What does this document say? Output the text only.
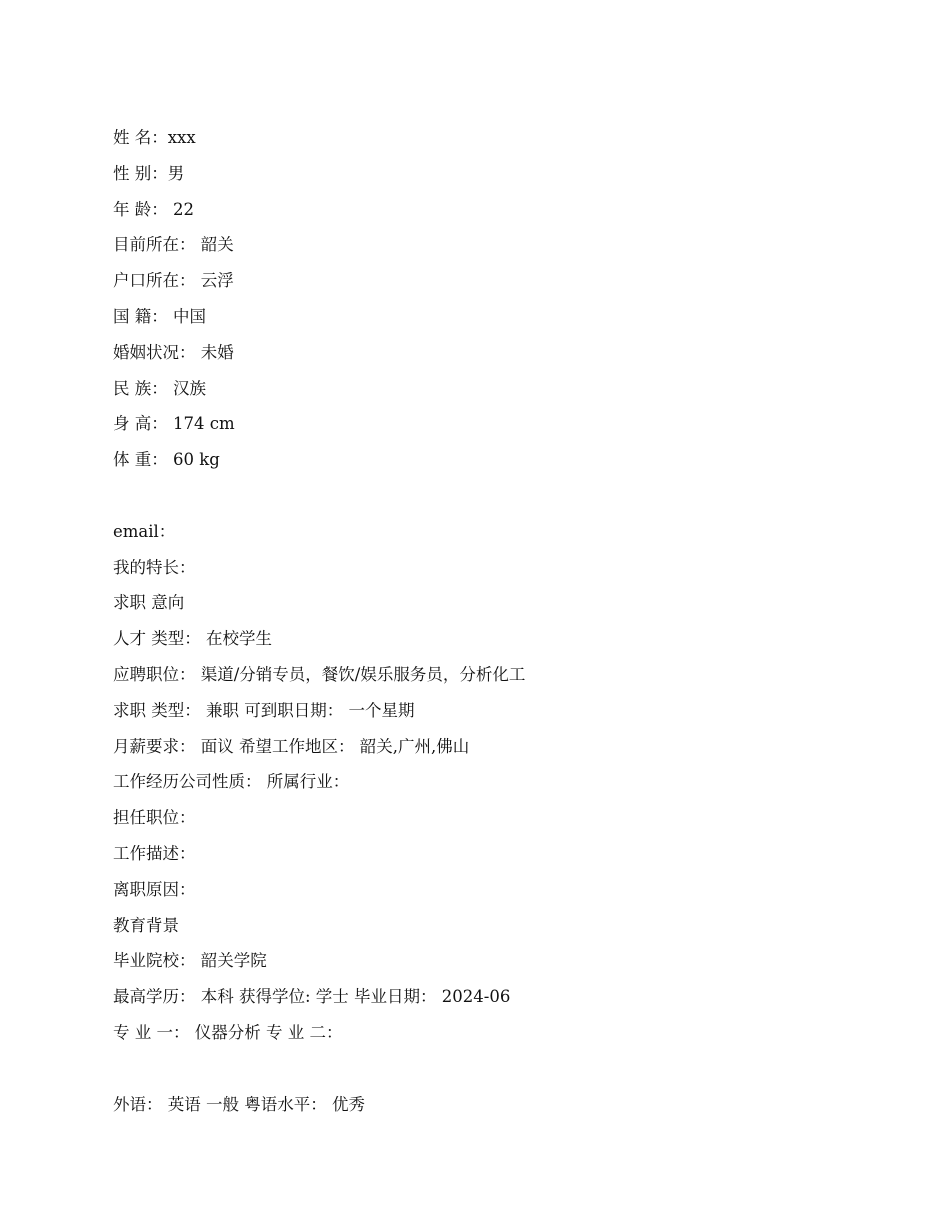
姓 名：xxx
性 别：男
年 龄： 22
目前所在： 韶关
户口所在： 云浮
国 籍： 中国
婚姻状况： 未婚
民 族： 汉族
身 高： 174 cm
体 重： 60 kg
email：
我的特长：
求职 意向
人才 类型： 在校学生
应聘职位： 渠道/分销专员，餐饮/娱乐服务员，分析化工
求职 类型： 兼职 可到职日期： 一个星期
月薪要求： 面议 希望工作地区： 韶关,广州,佛山
工作经历公司性质： 所属行业：
担任职位：
工作描述：
离职原因：
教育背景
毕业院校： 韶关学院
最高学历： 本科 获得学位: 学士 毕业日期： 2024-06
专 业 一： 仪器分析 专 业 二：
外语： 英语 一般 粤语水平： 优秀
